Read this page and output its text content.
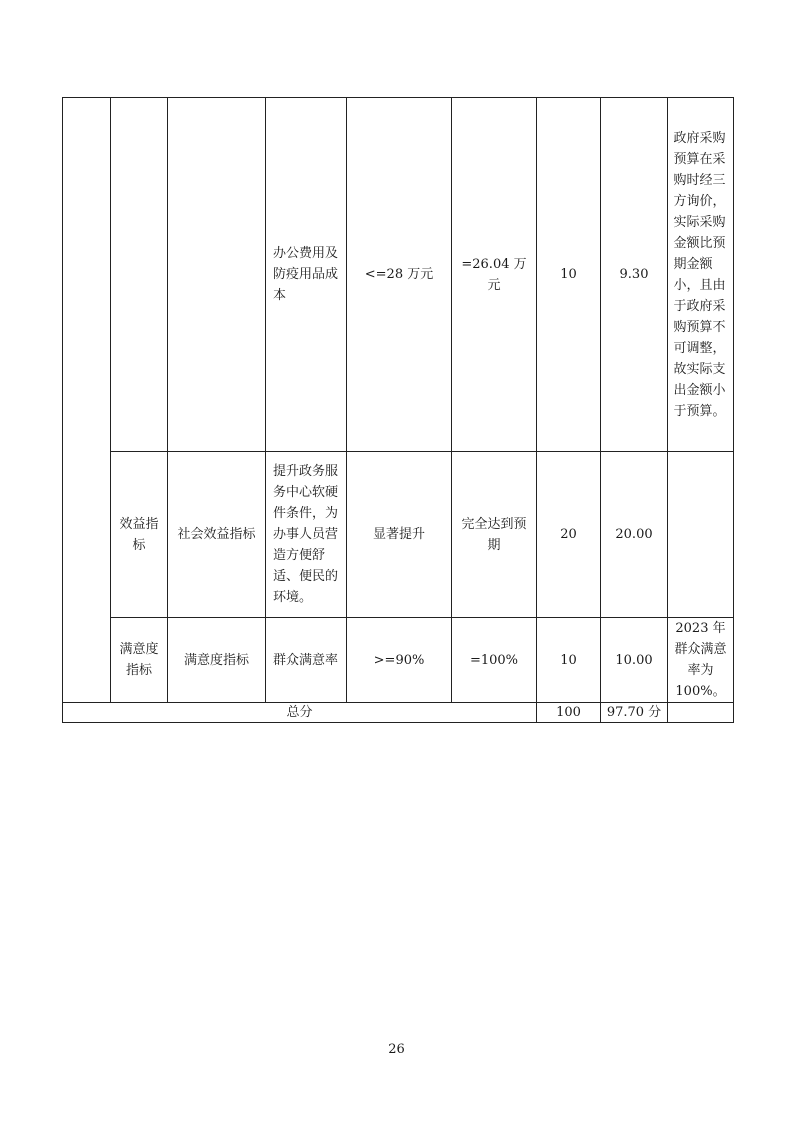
			办公费用及防疫用品成本	<=28 万元	=26.04 万元	10	9.30	政府采购预算在采购时经三方询价，实际采购金额比预期金额小，且由于政府采购预算不可调整，故实际支出金额小于预算。
	效益指标	社会效益指标	提升政务服务中心软硬件条件，为办事人员营造方便舒适、便民的环境。	显著提升	完全达到预期	20	20.00	
	满意度指标	满意度指标	群众满意率	>=90%	=100%	10	10.00	2023 年群众满意率为 100%。
总分						100	97.70 分	
26
